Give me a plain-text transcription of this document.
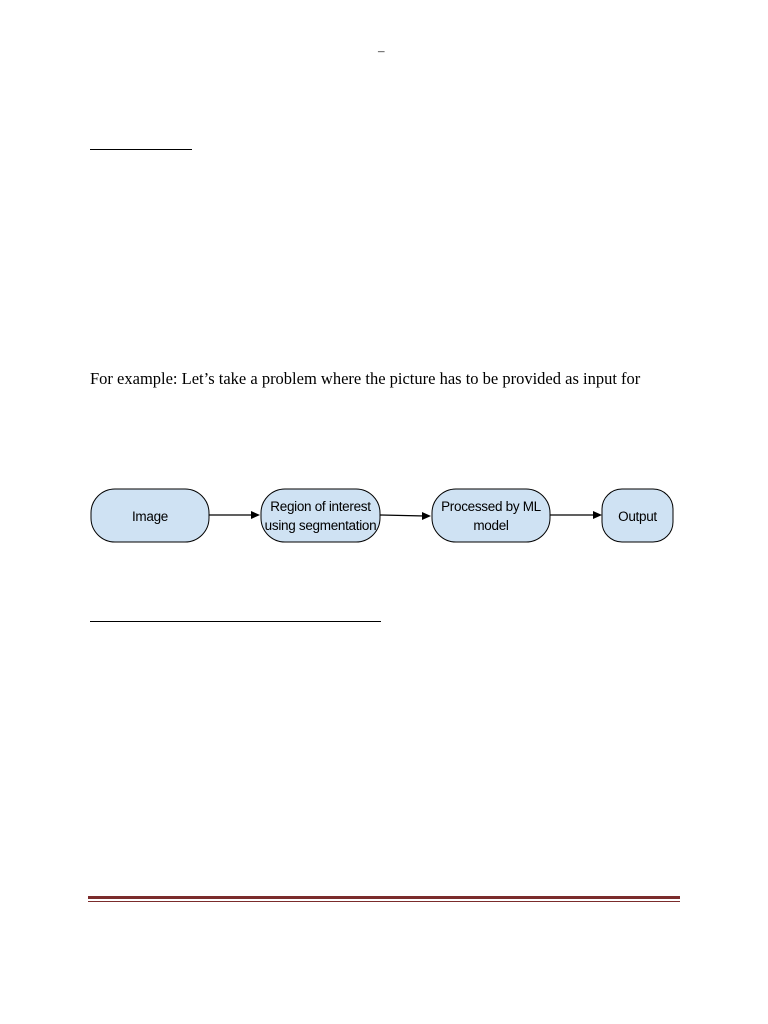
–
For example: Let’s take a problem where the picture has to be provided as input for
Image
Region of interest
using segmentation
Processed by ML
model
Output
